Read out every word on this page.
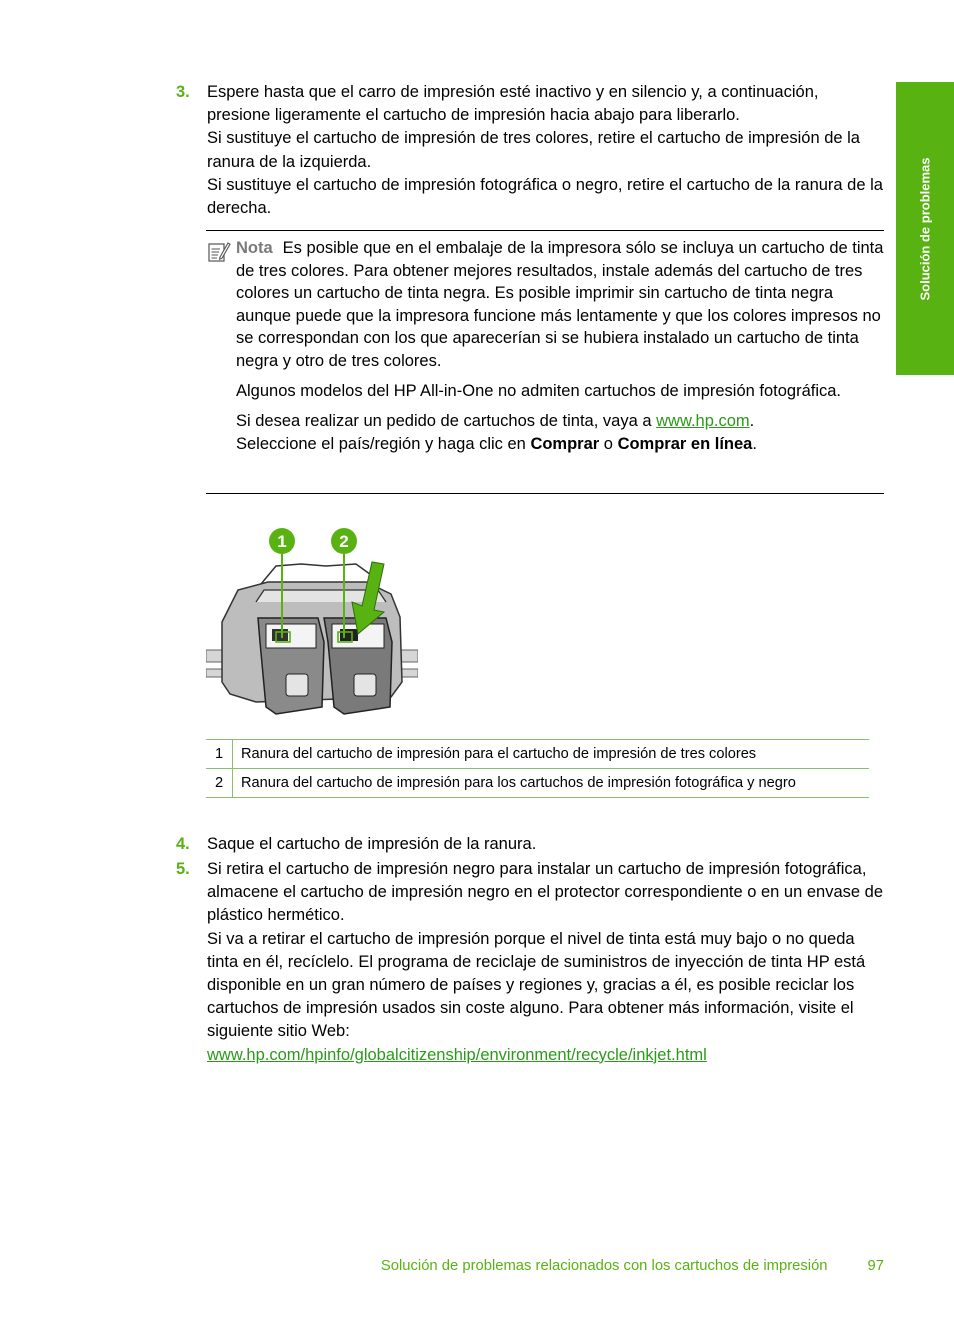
Solución de problemas
3. Espere hasta que el carro de impresión esté inactivo y en silencio y, a continuación, presione ligeramente el cartucho de impresión hacia abajo para liberarlo.

Si sustituye el cartucho de impresión de tres colores, retire el cartucho de impresión de la ranura de la izquierda.

Si sustituye el cartucho de impresión fotográfica o negro, retire el cartucho de la ranura de la derecha.

Nota Es posible que en el embalaje de la impresora sólo se incluya un cartucho de tinta de tres colores. Para obtener mejores resultados, instale además del cartucho de tres colores un cartucho de tinta negra. Es posible imprimir sin cartucho de tinta negra aunque puede que la impresora funcione más lentamente y que los colores impresos no se correspondan con los que aparecerían si se hubiera instalado un cartucho de tinta negra y otro de tres colores.

Algunos modelos del HP All-in-One no admiten cartuchos de impresión fotográfica.

Si desea realizar un pedido de cartuchos de tinta, vaya a www.hp.com.
Seleccione el país/región y haga clic en Comprar o Comprar en línea.

1	2
1	Ranura del cartucho de impresión para el cartucho de impresión de tres colores
2	Ranura del cartucho de impresión para los cartuchos de impresión fotográfica y negro
4. Saque el cartucho de impresión de la ranura.

5. Si retira el cartucho de impresión negro para instalar un cartucho de impresión fotográfica, almacene el cartucho de impresión negro en el protector correspondiente o en un envase de plástico hermético.

Si va a retirar el cartucho de impresión porque el nivel de tinta está muy bajo o no queda tinta en él, recíclelo. El programa de reciclaje de suministros de inyección de tinta HP está disponible en un gran número de países y regiones y, gracias a él, es posible reciclar los cartuchos de impresión usados sin coste alguno. Para obtener más información, visite el siguiente sitio Web:

www.hp.com/hpinfo/globalcitizenship/environment/recycle/inkjet.html

Solución de problemas relacionados con los cartuchos de impresión	97
